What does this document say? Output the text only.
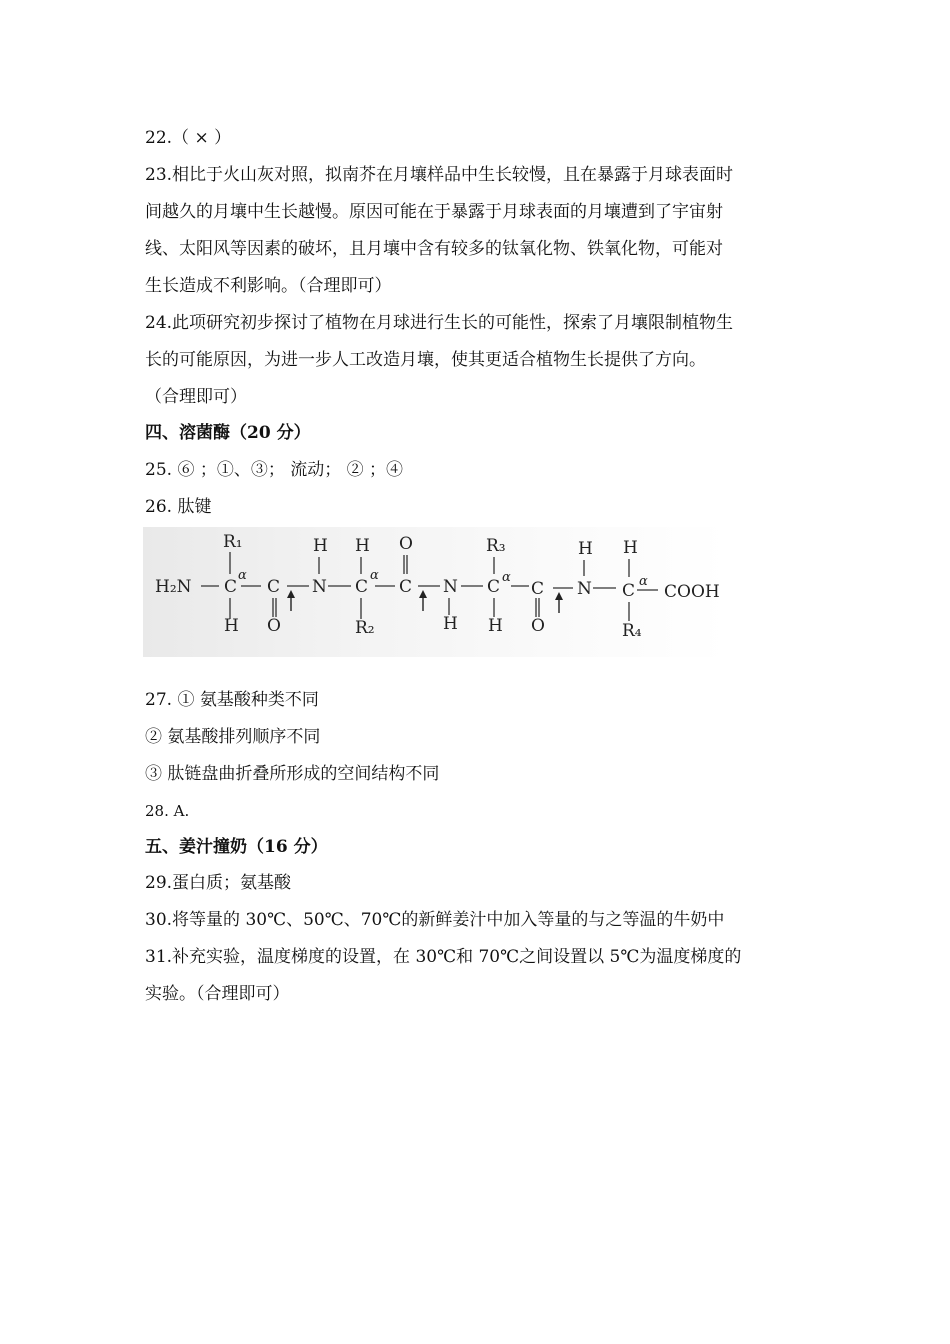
22.（ × ）
23.相比于火山灰对照，拟南芥在月壤样品中生长较慢，且在暴露于月球表面时
间越久的月壤中生长越慢。原因可能在于暴露于月球表面的月壤遭到了宇宙射
线、太阳风等因素的破坏，且月壤中含有较多的钛氧化物、铁氧化物，可能对
生长造成不利影响。（合理即可）
24.此项研究初步探讨了植物在月球进行生长的可能性，探索了月壤限制植物生
长的可能原因，为进一步人工改造月壤，使其更适合植物生长提供了方向。
（合理即可）
四、溶菌酶（20 分）
25. ⑥ ；①、③； 流动； ② ；④
26. 肽键
H₂N C C N C C N C C N C COOH
R₁
H O
H H
R₂
O
H
R₃
H O
H H
R₄
α	α	α	α
27. ① 氨基酸种类不同
② 氨基酸排列顺序不同
③ 肽链盘曲折叠所形成的空间结构不同
28. A.
五、姜汁撞奶（16 分）
29.蛋白质；氨基酸
30.将等量的 30℃、50℃、70℃的新鲜姜汁中加入等量的与之等温的牛奶中
31.补充实验，温度梯度的设置，在 30℃和 70℃之间设置以 5℃为温度梯度的
实验。（合理即可）
